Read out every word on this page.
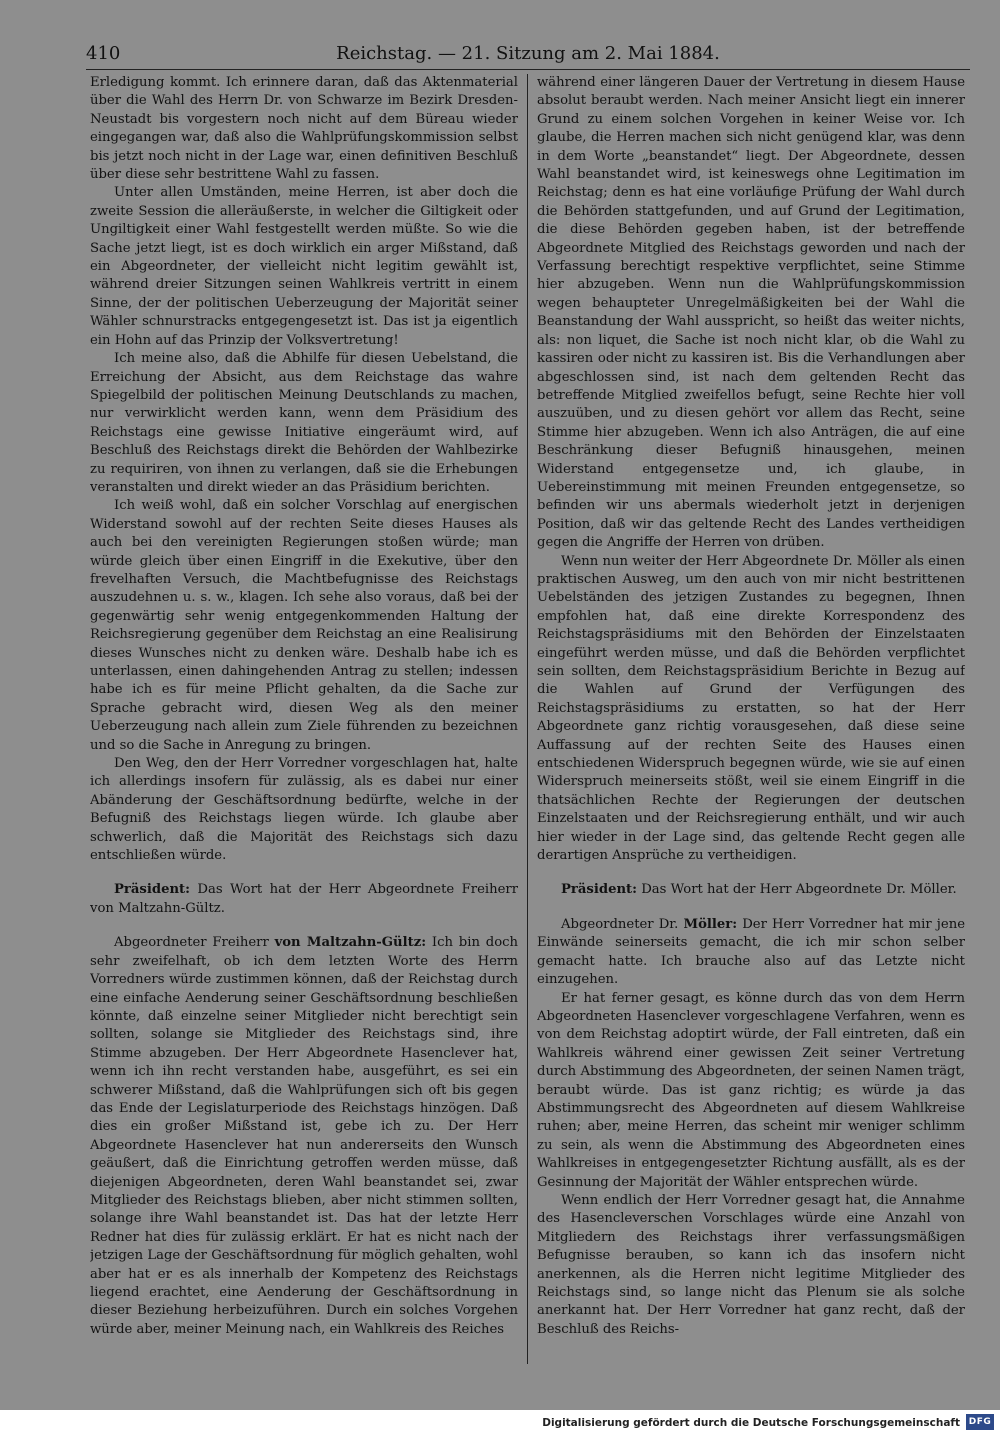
410	Reichstag. — 21. Sitzung am 2. Mai 1884.

Erledigung kommt. Ich erinnere daran, daß das Aktenmaterial über die Wahl des Herrn Dr. von Schwarze im Bezirk Dresden-Neustadt bis vorgestern noch nicht auf dem Büreau wieder eingegangen war, daß also die Wahlprüfungskommission selbst bis jetzt noch nicht in der Lage war, einen definitiven Beschluß über diese sehr bestrittene Wahl zu fassen.

Unter allen Umständen, meine Herren, ist aber doch die zweite Session die alleräußerste, in welcher die Giltigkeit oder Ungiltigkeit einer Wahl festgestellt werden müßte. So wie die Sache jetzt liegt, ist es doch wirklich ein arger Mißstand, daß ein Abgeordneter, der vielleicht nicht legitim gewählt ist, während dreier Sitzungen seinen Wahlkreis vertritt in einem Sinne, der der politischen Ueberzeugung der Majorität seiner Wähler schnurstracks entgegengesetzt ist. Das ist ja eigentlich ein Hohn auf das Prinzip der Volksvertretung!

Ich meine also, daß die Abhilfe für diesen Uebelstand, die Erreichung der Absicht, aus dem Reichstage das wahre Spiegelbild der politischen Meinung Deutschlands zu machen, nur verwirklicht werden kann, wenn dem Präsidium des Reichstags eine gewisse Initiative eingeräumt wird, auf Beschluß des Reichstags direkt die Behörden der Wahlbezirke zu requiriren, von ihnen zu verlangen, daß sie die Erhebungen veranstalten und direkt wieder an das Präsidium berichten.

Ich weiß wohl, daß ein solcher Vorschlag auf energischen Widerstand sowohl auf der rechten Seite dieses Hauses als auch bei den vereinigten Regierungen stoßen würde; man würde gleich über einen Eingriff in die Exekutive, über den frevelhaften Versuch, die Machtbefugnisse des Reichstags auszudehnen u. s. w., klagen. Ich sehe also voraus, daß bei der gegenwärtig sehr wenig entgegenkommenden Haltung der Reichsregierung gegenüber dem Reichstag an eine Realisirung dieses Wunsches nicht zu denken wäre. Deshalb habe ich es unterlassen, einen dahingehenden Antrag zu stellen; indessen habe ich es für meine Pflicht gehalten, da die Sache zur Sprache gebracht wird, diesen Weg als den meiner Ueberzeugung nach allein zum Ziele führenden zu bezeichnen und so die Sache in Anregung zu bringen.

Den Weg, den der Herr Vorredner vorgeschlagen hat, halte ich allerdings insofern für zulässig, als es dabei nur einer Abänderung der Geschäftsordnung bedürfte, welche in der Befugniß des Reichstags liegen würde. Ich glaube aber schwerlich, daß die Majorität des Reichstags sich dazu entschließen würde.

Präsident: Das Wort hat der Herr Abgeordnete Freiherr von Maltzahn-Gültz.

Abgeordneter Freiherr von Maltzahn-Gültz: Ich bin doch sehr zweifelhaft, ob ich dem letzten Worte des Herrn Vorredners würde zustimmen können, daß der Reichstag durch eine einfache Aenderung seiner Geschäftsordnung beschließen könnte, daß einzelne seiner Mitglieder nicht berechtigt sein sollten, solange sie Mitglieder des Reichstags sind, ihre Stimme abzugeben. Der Herr Abgeordnete Hasenclever hat, wenn ich ihn recht verstanden habe, ausgeführt, es sei ein schwerer Mißstand, daß die Wahlprüfungen sich oft bis gegen das Ende der Legislaturperiode des Reichstags hinzögen. Daß dies ein großer Mißstand ist, gebe ich zu. Der Herr Abgeordnete Hasenclever hat nun andererseits den Wunsch geäußert, daß die Einrichtung getroffen werden müsse, daß diejenigen Abgeordneten, deren Wahl beanstandet sei, zwar Mitglieder des Reichstags blieben, aber nicht stimmen sollten, solange ihre Wahl beanstandet ist. Das hat der letzte Herr Redner hat dies für zulässig erklärt. Er hat es nicht nach der jetzigen Lage der Geschäftsordnung für möglich gehalten, wohl aber hat er es als innerhalb der Kompetenz des Reichstags liegend erachtet, eine Aenderung der Geschäftsordnung in dieser Beziehung herbeizuführen. Durch ein solches Vorgehen würde aber, meiner Meinung nach, ein Wahlkreis des Reiches

während einer längeren Dauer der Vertretung in diesem Hause absolut beraubt werden. Nach meiner Ansicht liegt ein innerer Grund zu einem solchen Vorgehen in keiner Weise vor. Ich glaube, die Herren machen sich nicht genügend klar, was denn in dem Worte „beanstandet“ liegt. Der Abgeordnete, dessen Wahl beanstandet wird, ist keineswegs ohne Legitimation im Reichstag; denn es hat eine vorläufige Prüfung der Wahl durch die Behörden stattgefunden, und auf Grund der Legitimation, die diese Behörden gegeben haben, ist der betreffende Abgeordnete Mitglied des Reichstags geworden und nach der Verfassung berechtigt respektive verpflichtet, seine Stimme hier abzugeben. Wenn nun die Wahlprüfungskommission wegen behaupteter Unregelmäßigkeiten bei der Wahl die Beanstandung der Wahl ausspricht, so heißt das weiter nichts, als: non liquet, die Sache ist noch nicht klar, ob die Wahl zu kassiren oder nicht zu kassiren ist. Bis die Verhandlungen aber abgeschlossen sind, ist nach dem geltenden Recht das betreffende Mitglied zweifellos befugt, seine Rechte hier voll auszuüben, und zu diesen gehört vor allem das Recht, seine Stimme hier abzugeben. Wenn ich also Anträgen, die auf eine Beschränkung dieser Befugniß hinausgehen, meinen Widerstand entgegensetze und, ich glaube, in Uebereinstimmung mit meinen Freunden entgegensetze, so befinden wir uns abermals wiederholt jetzt in derjenigen Position, daß wir das geltende Recht des Landes vertheidigen gegen die Angriffe der Herren von drüben.

Wenn nun weiter der Herr Abgeordnete Dr. Möller als einen praktischen Ausweg, um den auch von mir nicht bestrittenen Uebelständen des jetzigen Zustandes zu begegnen, Ihnen empfohlen hat, daß eine direkte Korrespondenz des Reichstagspräsidiums mit den Behörden der Einzelstaaten eingeführt werden müsse, und daß die Behörden verpflichtet sein sollten, dem Reichstagspräsidium Berichte in Bezug auf die Wahlen auf Grund der Verfügungen des Reichstagspräsidiums zu erstatten, so hat der Herr Abgeordnete ganz richtig vorausgesehen, daß diese seine Auffassung auf der rechten Seite des Hauses einen entschiedenen Widerspruch begegnen würde, wie sie auf einen Widerspruch meinerseits stößt, weil sie einem Eingriff in die thatsächlichen Rechte der Regierungen der deutschen Einzelstaaten und der Reichsregierung enthält, und wir auch hier wieder in der Lage sind, das geltende Recht gegen alle derartigen Ansprüche zu vertheidigen.

Präsident: Das Wort hat der Herr Abgeordnete Dr. Möller.

Abgeordneter Dr. Möller: Der Herr Vorredner hat mir jene Einwände seinerseits gemacht, die ich mir schon selber gemacht hatte. Ich brauche also auf das Letzte nicht einzugehen.

Er hat ferner gesagt, es könne durch das von dem Herrn Abgeordneten Hasenclever vorgeschlagene Verfahren, wenn es von dem Reichstag adoptirt würde, der Fall eintreten, daß ein Wahlkreis während einer gewissen Zeit seiner Vertretung durch Abstimmung des Abgeordneten, der seinen Namen trägt, beraubt würde. Das ist ganz richtig; es würde ja das Abstimmungsrecht des Abgeordneten auf diesem Wahlkreise ruhen; aber, meine Herren, das scheint mir weniger schlimm zu sein, als wenn die Abstimmung des Abgeordneten eines Wahlkreises in entgegengesetzter Richtung ausfällt, als es der Gesinnung der Majorität der Wähler entsprechen würde.

Wenn endlich der Herr Vorredner gesagt hat, die Annahme des Hasencleverschen Vorschlages würde eine Anzahl von Mitgliedern des Reichstags ihrer verfassungsmäßigen Befugnisse berauben, so kann ich das insofern nicht anerkennen, als die Herren nicht legitime Mitglieder des Reichstags sind, so lange nicht das Plenum sie als solche anerkannt hat. Der Herr Vorredner hat ganz recht, daß der Beschluß des Reichs-

Digitalisierung gefördert durch die Deutsche Forschungsgemeinschaft DFG
